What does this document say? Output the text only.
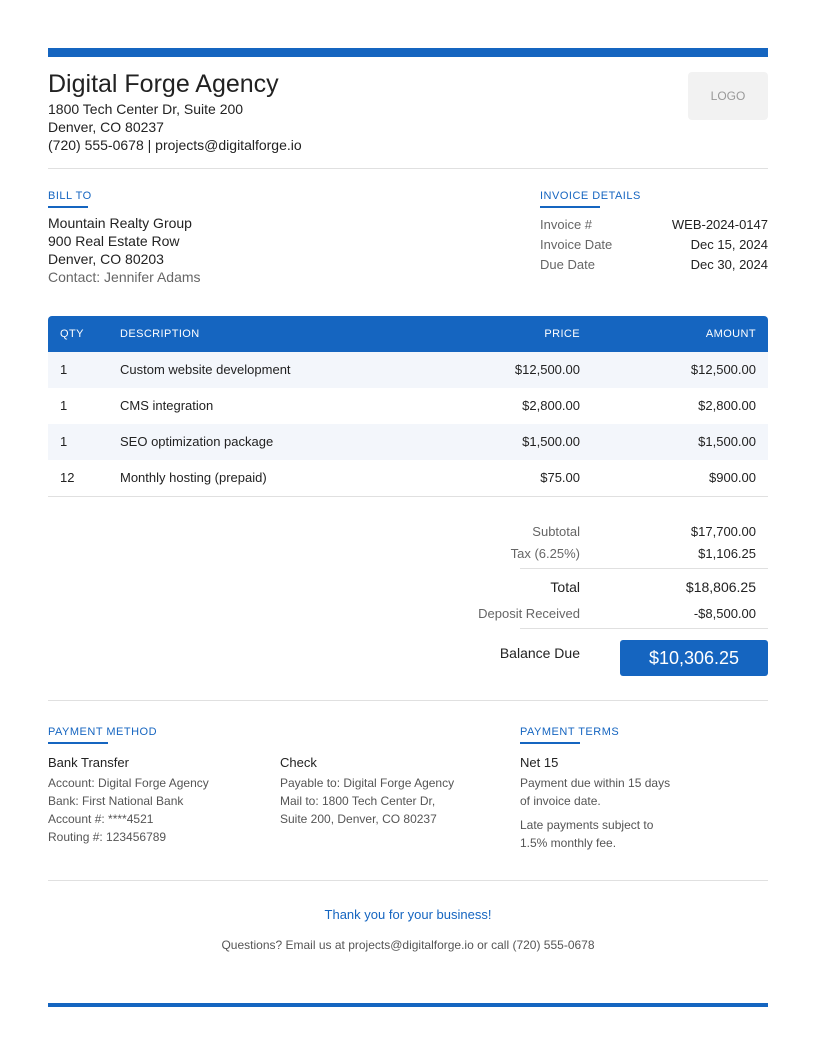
Digital Forge Agency
1800 Tech Center Dr, Suite 200
Denver, CO 80237
(720) 555-0678 | projects@digitalforge.io
LOGO
BILL TO
Mountain Realty Group
900 Real Estate Row
Denver, CO 80203
Contact: Jennifer Adams
INVOICE DETAILS
Invoice #	WEB-2024-0147
Invoice Date	Dec 15, 2024
Due Date	Dec 30, 2024
QTY	DESCRIPTION	PRICE	AMOUNT
1	Custom website development	$12,500.00	$12,500.00
1	CMS integration	$2,800.00	$2,800.00
1	SEO optimization package	$1,500.00	$1,500.00
12	Monthly hosting (prepaid)	$75.00	$900.00
Subtotal	$17,700.00
Tax (6.25%)	$1,106.25
Total	$18,806.25
Deposit Received	-$8,500.00
Balance Due	$10,306.25
PAYMENT METHOD
Bank Transfer
Account: Digital Forge Agency
Bank: First National Bank
Account #: ****4521
Routing #: 123456789
Check
Payable to: Digital Forge Agency
Mail to: 1800 Tech Center Dr,
Suite 200, Denver, CO 80237
PAYMENT TERMS
Net 15
Payment due within 15 days
of invoice date.
Late payments subject to
1.5% monthly fee.
Thank you for your business!
Questions? Email us at projects@digitalforge.io or call (720) 555-0678
